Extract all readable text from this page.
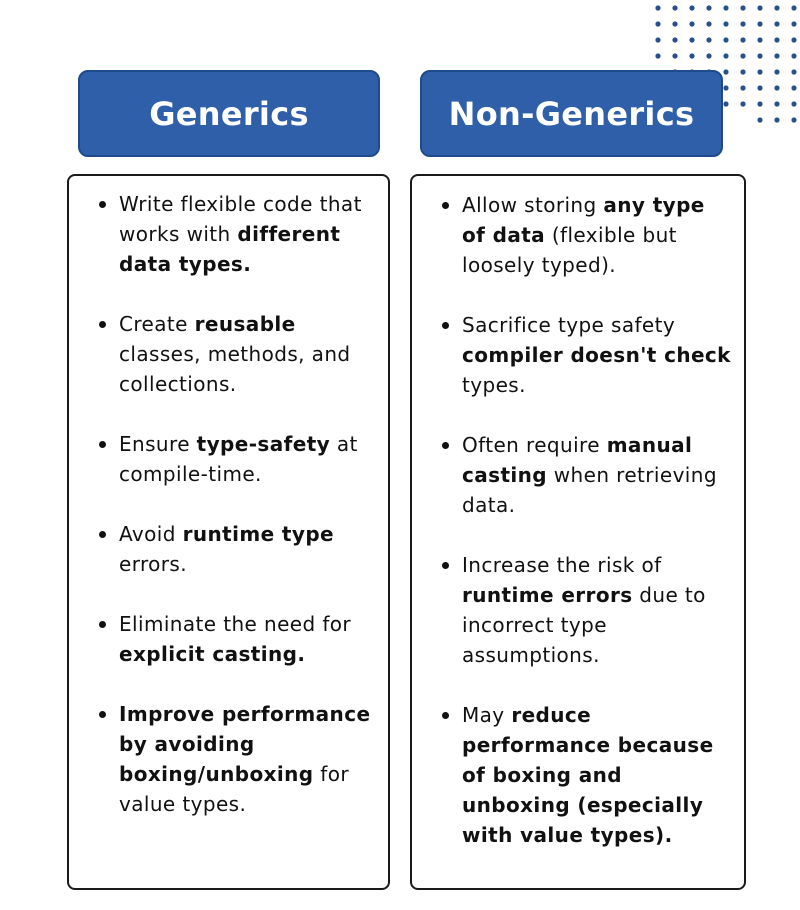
Generics	Non-Generics
Write flexible code that works with different data types.
Create reusable classes, methods, and collections.
Ensure type-safety at compile-time.
Avoid runtime type errors.
Eliminate the need for explicit casting.
Improve performance by avoiding boxing/unboxing for value types.
Allow storing any type of data (flexible but loosely typed).
Sacrifice type safety compiler doesn't check types.
Often require manual casting when retrieving data.
Increase the risk of runtime errors due to incorrect type assumptions.
May reduce performance because of boxing and unboxing (especially with value types).
